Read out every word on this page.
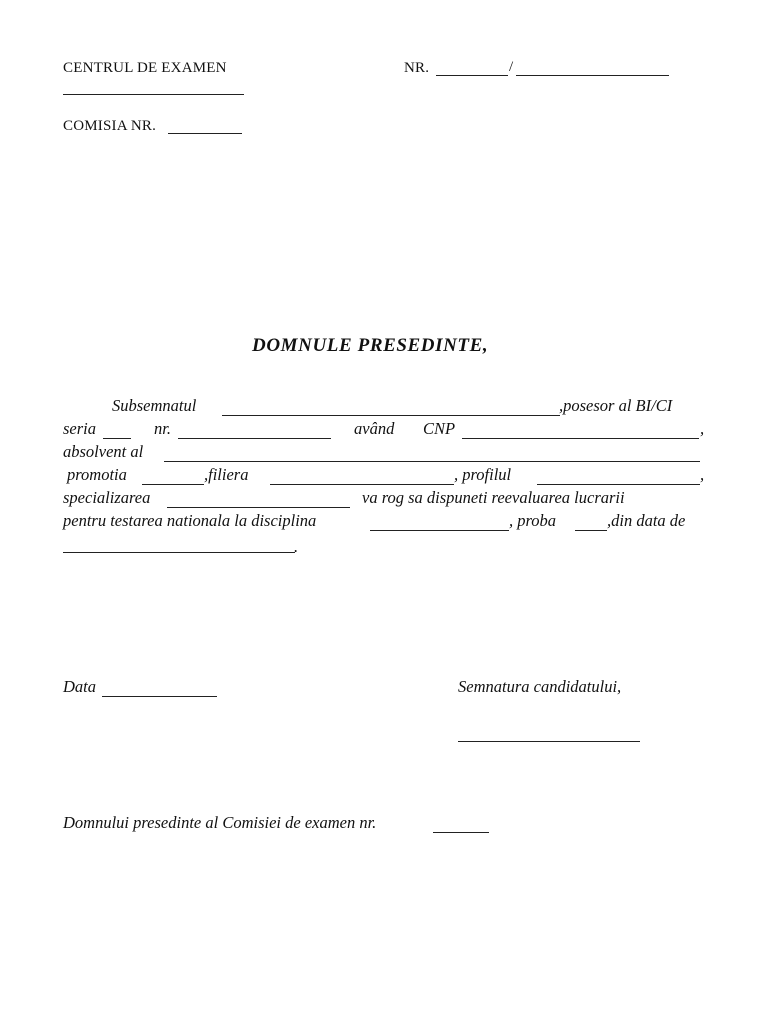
CENTRUL DE EXAMEN	NR.	/
COMISIA NR.
DOMNULE PRESEDINTE,
Subsemnatul	,posesor al BI/CI
seria	nr.	având CNP	,
absolvent al
promotia	,filiera	, profilul	,
specializarea	va rog sa dispuneti reevaluarea lucrarii
pentru testarea nationala la disciplina	, proba	,din data de
.
Data	Semnatura candidatului,
Domnului presedinte al Comisiei de examen nr.
